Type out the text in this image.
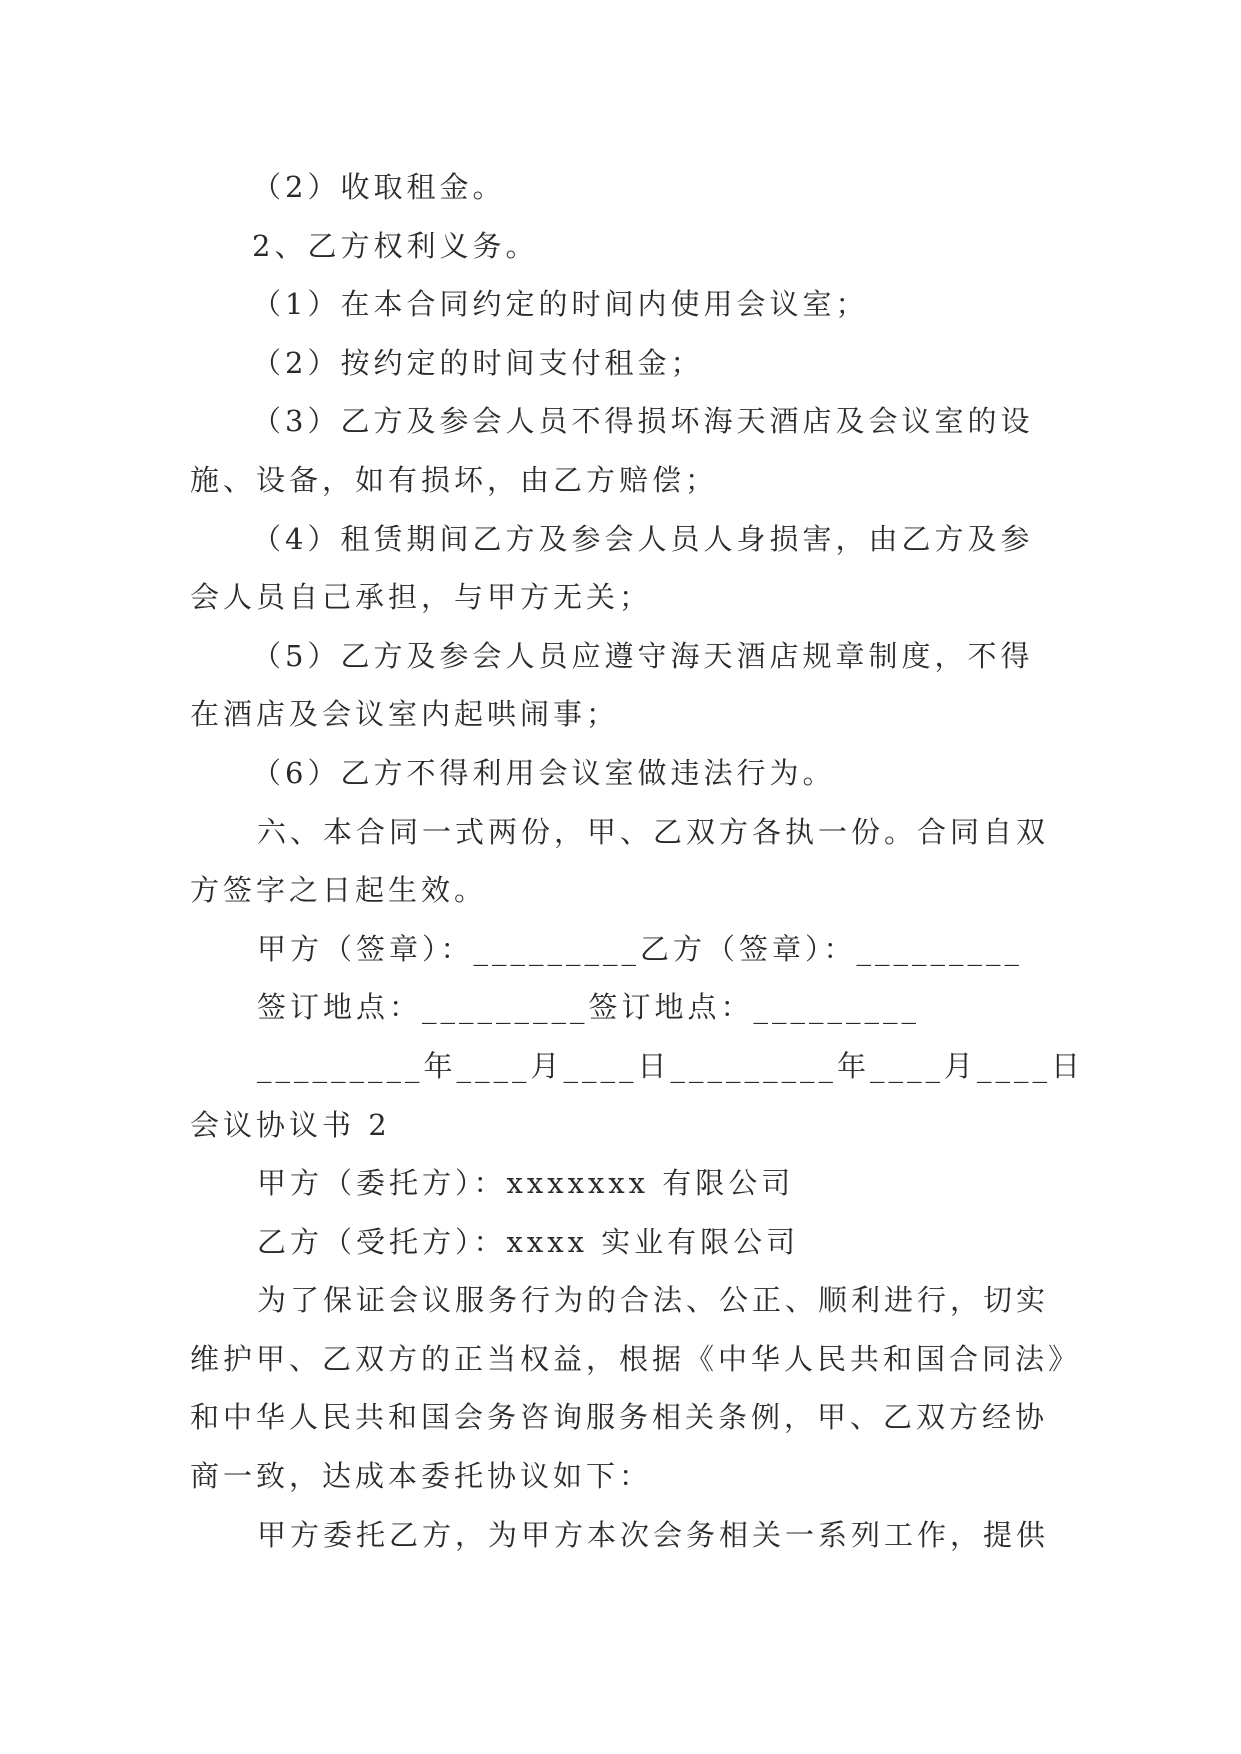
（2）收取租金。
2、乙方权利义务。
（1）在本合同约定的时间内使用会议室；
（2）按约定的时间支付租金；
（3）乙方及参会人员不得损坏海天酒店及会议室的设
施、设备，如有损坏，由乙方赔偿；
（4）租赁期间乙方及参会人员人身损害，由乙方及参
会人员自己承担，与甲方无关；
（5）乙方及参会人员应遵守海天酒店规章制度，不得
在酒店及会议室内起哄闹事；
（6）乙方不得利用会议室做违法行为。
六、本合同一式两份，甲、乙双方各执一份。合同自双
方签字之日起生效。
甲方（签章）：_________乙方（签章）：_________
签订地点：_________签订地点：_________
_________年____月____日_________年____月____日
会议协议书 2
甲方（委托方）：xxxxxxx 有限公司
乙方（受托方）：xxxx 实业有限公司
为了保证会议服务行为的合法、公正、顺利进行，切实
维护甲、乙双方的正当权益，根据《中华人民共和国合同法》
和中华人民共和国会务咨询服务相关条例，甲、乙双方经协
商一致，达成本委托协议如下：
甲方委托乙方，为甲方本次会务相关一系列工作，提供
